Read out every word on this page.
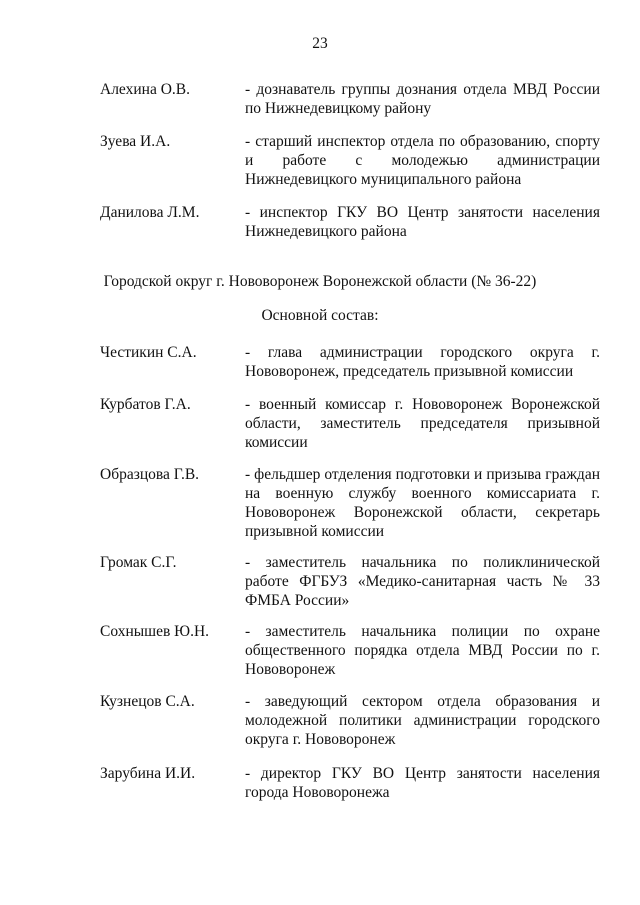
23
Алехина О.В.	- дознаватель группы дознания отдела МВД России по Нижнедевицкому району
Зуева И.А.	- старший инспектор отдела по образованию, спорту и работе с молодежью администрации Нижнедевицкого муниципального района
Данилова Л.М.	- инспектор ГКУ ВО Центр занятости населения Нижнедевицкого района
Городской округ г. Нововоронеж Воронежской области (№ 36-22)
Основной состав:
Честикин С.А.	- глава администрации городского округа г. Нововоронеж, председатель призывной комиссии
Курбатов Г.А.	- военный комиссар г. Нововоронеж Воронежской области, заместитель председателя призывной комиссии
Образцова Г.В.	- фельдшер отделения подготовки и призыва граждан на военную службу военного комиссариата г. Нововоронеж Воронежской области, секретарь призывной комиссии
Громак С.Г.	- заместитель начальника по поликлинической работе ФГБУЗ «Медико-санитарная часть № 33 ФМБА России»
Сохнышев Ю.Н. - заместитель начальника полиции по охране общественного порядка отдела МВД России по г. Нововоронеж
Кузнецов С.А.	- заведующий сектором отдела образования и молодежной политики администрации городского округа г. Нововоронеж
Зарубина И.И.	- директор ГКУ ВО Центр занятости населения города Нововоронежа
